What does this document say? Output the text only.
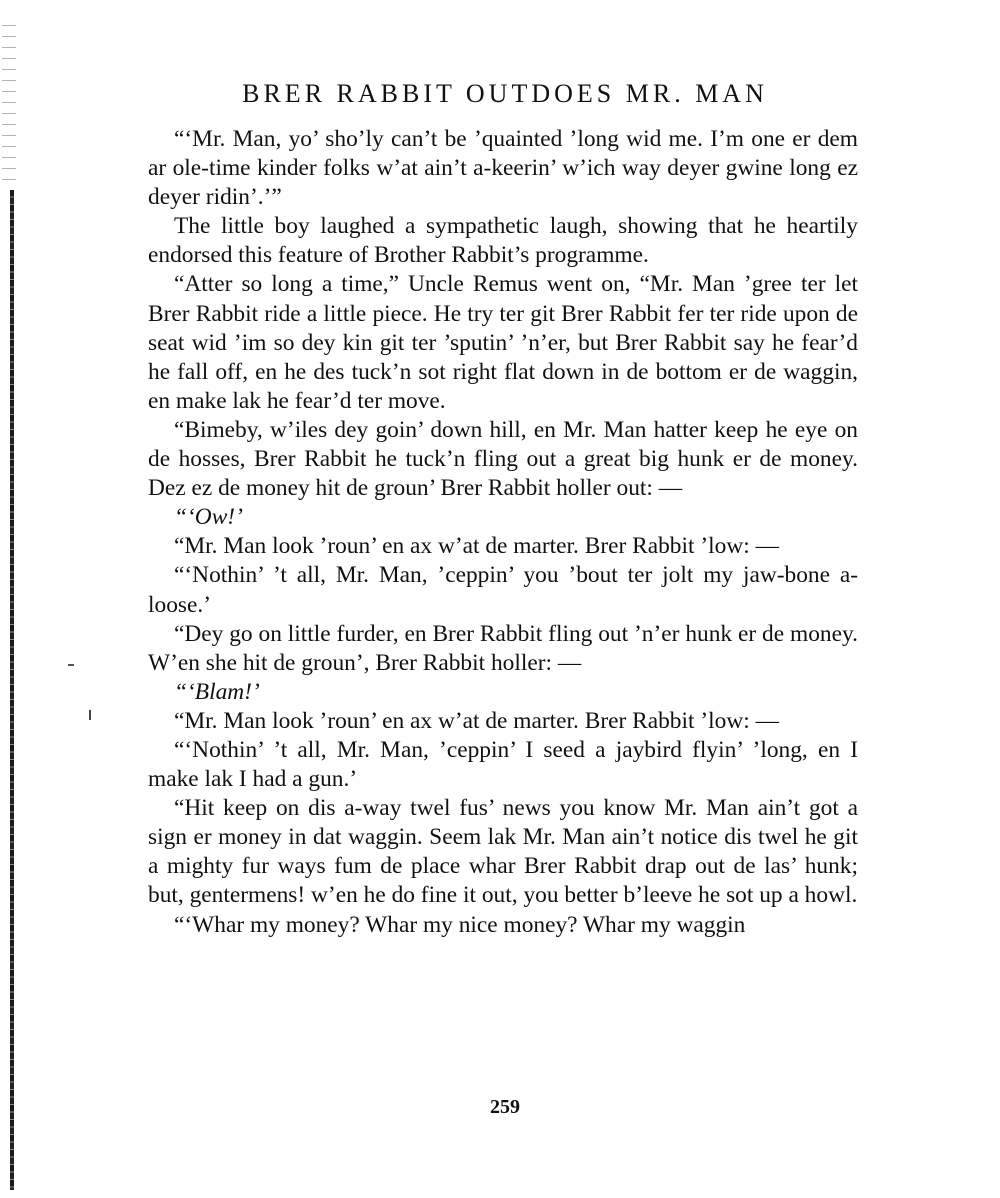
BRER RABBIT OUTDOES MR. MAN

“‘Mr. Man, yo’ sho’ly can’t be ’quainted ’long wid me. I’m one er dem ar ole-time kinder folks w’at ain’t a-keerin’ w’ich way deyer gwine long ez deyer ridin’.’”

The little boy laughed a sympathetic laugh, showing that he heartily endorsed this feature of Brother Rabbit’s programme.

“Atter so long a time,” Uncle Remus went on, “Mr. Man ’gree ter let Brer Rabbit ride a little piece. He try ter git Brer Rabbit fer ter ride upon de seat wid ’im so dey kin git ter ’sputin’ ’n’er, but Brer Rabbit say he fear’d he fall off, en he des tuck’n sot right flat down in de bottom er de waggin, en make lak he fear’d ter move.

“Bimeby, w’iles dey goin’ down hill, en Mr. Man hatter keep he eye on de hosses, Brer Rabbit he tuck’n fling out a great big hunk er de money. Dez ez de money hit de groun’ Brer Rabbit holler out: —

“‘Ow!’

“Mr. Man look ’roun’ en ax w’at de marter. Brer Rabbit ’low: —

“‘Nothin’ ’t all, Mr. Man, ’ceppin’ you ’bout ter jolt my jaw-bone a-loose.’

“Dey go on little furder, en Brer Rabbit fling out ’n’er hunk er de money. W’en she hit de groun’, Brer Rabbit holler: —

“‘Blam!’

“Mr. Man look ’roun’ en ax w’at de marter. Brer Rabbit ’low: —

“‘Nothin’ ’t all, Mr. Man, ’ceppin’ I seed a jaybird flyin’ ’long, en I make lak I had a gun.’

“Hit keep on dis a-way twel fus’ news you know Mr. Man ain’t got a sign er money in dat waggin. Seem lak Mr. Man ain’t notice dis twel he git a mighty fur ways fum de place whar Brer Rabbit drap out de las’ hunk; but, gentermens! w’en he do fine it out, you better b’leeve he sot up a howl.

“‘Whar my money? Whar my nice money? Whar my waggin

259
